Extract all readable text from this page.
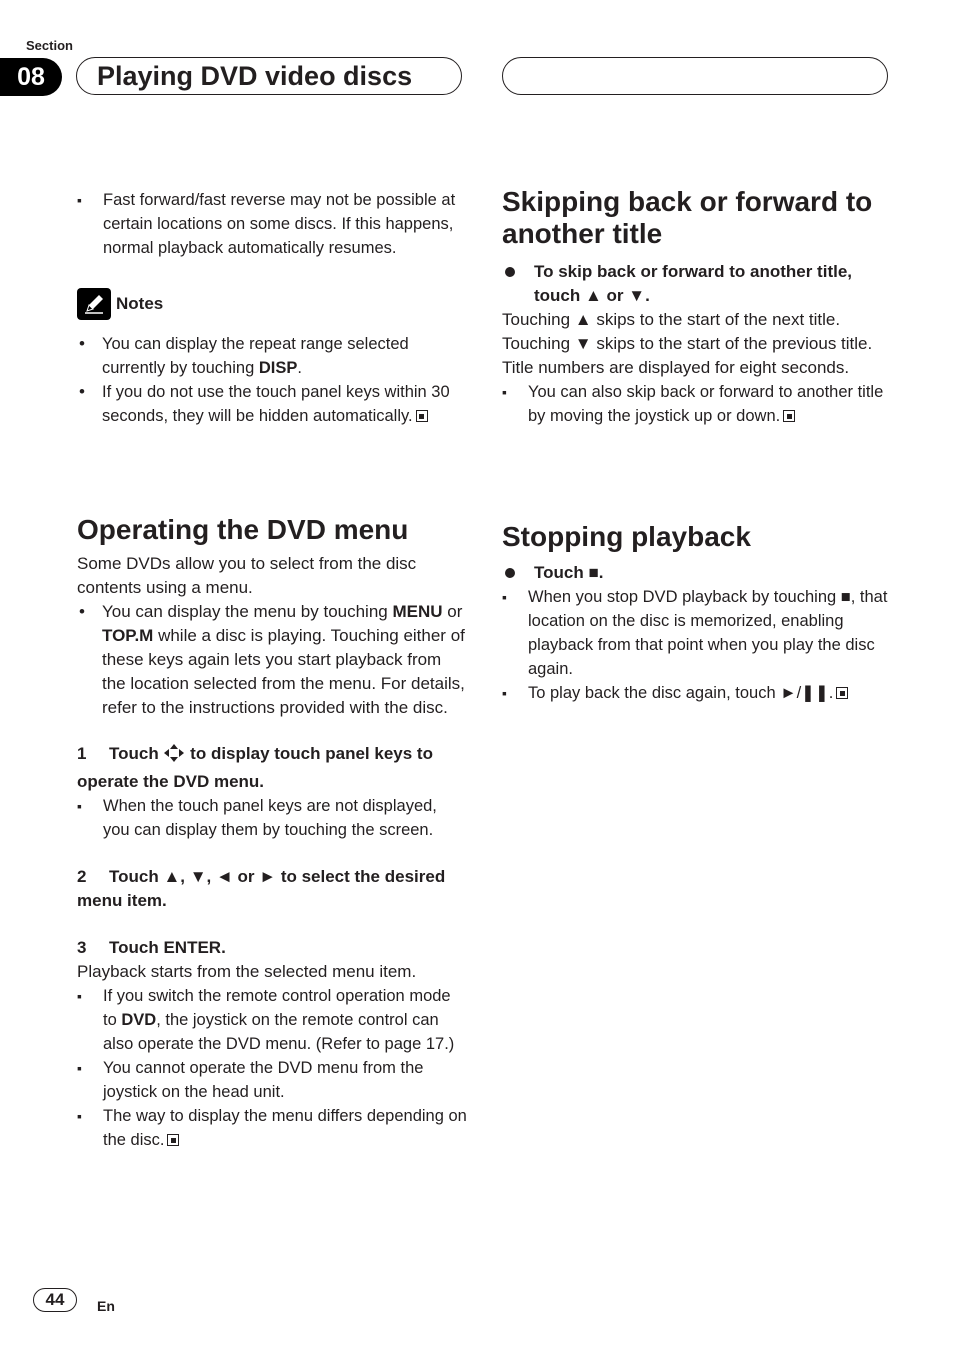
Section
08	Playing DVD video discs

▪ Fast forward/fast reverse may not be possible at certain locations on some discs. If this happens, normal playback automatically resumes.

Notes

• You can display the repeat range selected currently by touching DISP.

• If you do not use the touch panel keys within 30 seconds, they will be hidden automatically.

Operating the DVD menu

Some DVDs allow you to select from the disc contents using a menu.

• You can display the menu by touching MENU or TOP.M while a disc is playing. Touching either of these keys again lets you start playback from the location selected from the menu. For details, refer to the instructions provided with the disc.

1 Touch  to display touch panel keys to operate the DVD menu.

▪ When the touch panel keys are not displayed, you can display them by touching the screen.

2 Touch ▲, ▼, ◄ or ► to select the desired menu item.

3 Touch ENTER.

Playback starts from the selected menu item.

▪ If you switch the remote control operation mode to DVD, the joystick on the remote control can also operate the DVD menu. (Refer to page 17.)

▪ You cannot operate the DVD menu from the joystick on the head unit.

▪ The way to display the menu differs depending on the disc.

Skipping back or forward to another title

To skip back or forward to another title, touch ▲ or ▼.

Touching ▲ skips to the start of the next title. Touching ▼ skips to the start of the previous title.

Title numbers are displayed for eight seconds.

▪ You can also skip back or forward to another title by moving the joystick up or down.

Stopping playback

Touch ■.

▪ When you stop DVD playback by touching ■, that location on the disc is memorized, enabling playback from that point when you play the disc again.

▪ To play back the disc again, touch ►/❚❚.

44	En
